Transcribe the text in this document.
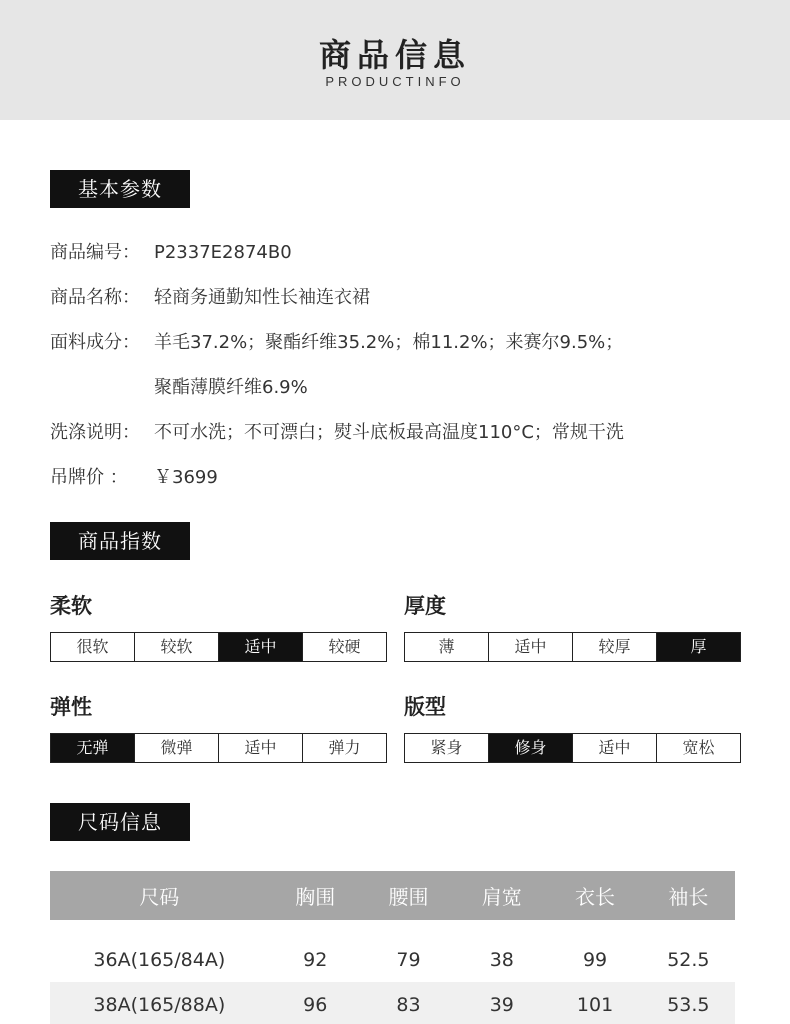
商品信息
PRODUCTINFO
基本参数
商品编号： P2337E2874B0
商品名称： 轻商务通勤知性长袖连衣裙
面料成分： 羊毛37.2%；聚酯纤维35.2%；棉11.2%；来赛尔9.5%；
聚酯薄膜纤维6.9%
洗涤说明： 不可水洗；不可漂白；熨斗底板最高温度110°C；常规干洗
吊牌价 ： ￥3699
商品指数
柔软
很软	较软	适中	较硬
厚度
薄	适中	较厚	厚
弹性
无弹	微弹	适中	弹力
版型
紧身	修身	适中	宽松
尺码信息
尺码	胸围	腰围	肩宽	衣长	袖长

36A(165/84A)	92	79	38	99	52.5
38A(165/88A)	96	83	39	101	53.5
